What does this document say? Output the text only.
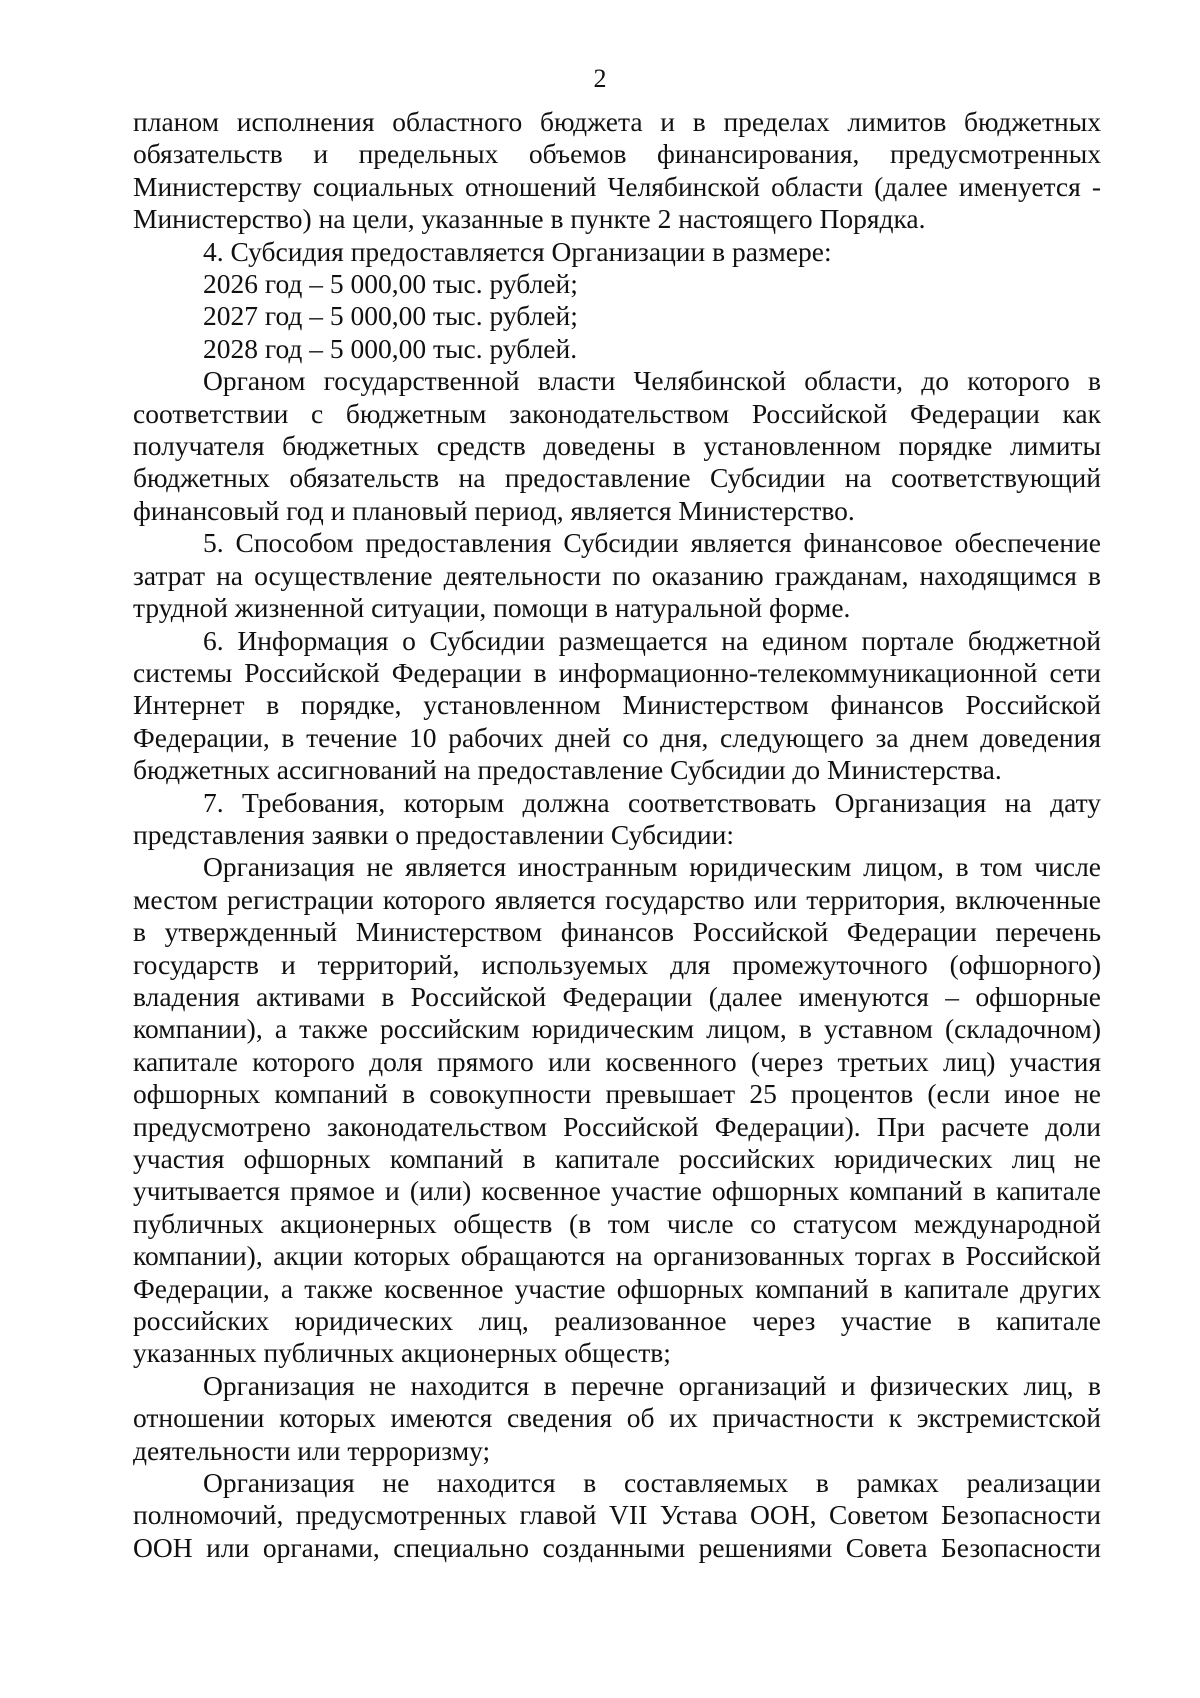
2

планом исполнения областного бюджета и в пределах лимитов бюджетных

обязательств и предельных объемов финансирования, предусмотренных

Министерству социальных отношений Челябинской области (далее именуется -

Министерство) на цели, указанные в пункте 2 настоящего Порядка.

4. Субсидия предоставляется Организации в размере:

2026 год – 5 000,00 тыс. рублей;

2027 год – 5 000,00 тыс. рублей;

2028 год – 5 000,00 тыс. рублей.

Органом государственной власти Челябинской области, до которого в

соответствии с бюджетным законодательством Российской Федерации как

получателя бюджетных средств доведены в установленном порядке лимиты

бюджетных обязательств на предоставление Субсидии на соответствующий

финансовый год и плановый период, является Министерство.

5. Способом предоставления Субсидии является финансовое обеспечение

затрат на осуществление деятельности по оказанию гражданам, находящимся в

трудной жизненной ситуации, помощи в натуральной форме.

6. Информация о Субсидии размещается на едином портале бюджетной

системы Российской Федерации в информационно-телекоммуникационной сети

Интернет в порядке, установленном Министерством финансов Российской

Федерации, в течение 10 рабочих дней со дня, следующего за днем доведения

бюджетных ассигнований на предоставление Субсидии до Министерства.

7. Требования, которым должна соответствовать Организация на дату

представления заявки о предоставлении Субсидии:

Организация не является иностранным юридическим лицом, в том числе

местом регистрации которого является государство или территория, включенные

в утвержденный Министерством финансов Российской Федерации перечень

государств и территорий, используемых для промежуточного (офшорного)

владения активами в Российской Федерации (далее именуются – офшорные

компании), а также российским юридическим лицом, в уставном (складочном)

капитале которого доля прямого или косвенного (через третьих лиц) участия

офшорных компаний в совокупности превышает 25 процентов (если иное не

предусмотрено законодательством Российской Федерации). При расчете доли

участия офшорных компаний в капитале российских юридических лиц не

учитывается прямое и (или) косвенное участие офшорных компаний в капитале

публичных акционерных обществ (в том числе со статусом международной

компании), акции которых обращаются на организованных торгах в Российской

Федерации, а также косвенное участие офшорных компаний в капитале других

российских юридических лиц, реализованное через участие в капитале

указанных публичных акционерных обществ;

Организация не находится в перечне организаций и физических лиц, в

отношении которых имеются сведения об их причастности к экстремистской

деятельности или терроризму;

Организация не находится в составляемых в рамках реализации

полномочий, предусмотренных главой VII Устава ООН, Советом Безопасности

ООН или органами, специально созданными решениями Совета Безопасности
